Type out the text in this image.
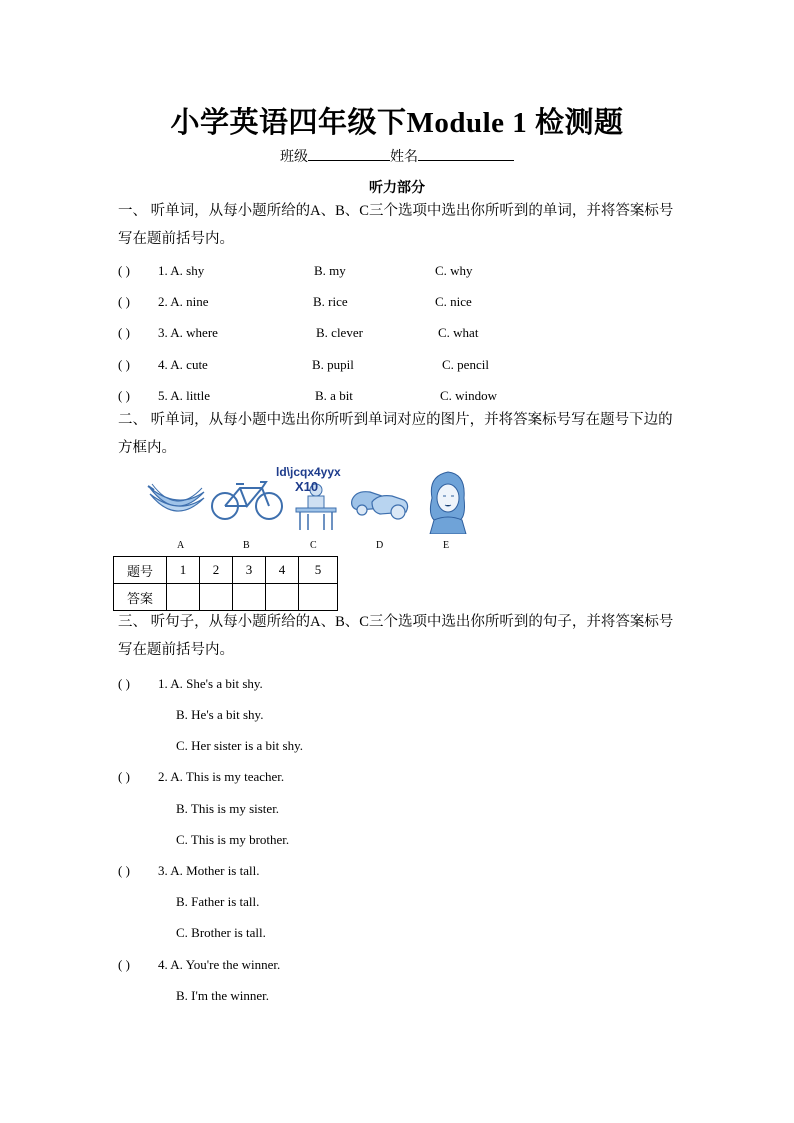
小学英语四年级下Module 1 检测题
班级	姓名
听力部分
一、 听单词，从每小题所给的A、B、C三个选项中选出你所听到的单词，并将答案标号写在题前括号内。
( ) 1. A. shy	B. my	C. why
( ) 2. A. nine	B. rice	C. nice
( ) 3. A. where	B. clever	C. what
( ) 4. A. cute	B. pupil	C. pencil
( ) 5. A. little	B. a bit	C. window
二、 听单词，从每小题中选出你所听到单词对应的图片，并将答案标号写在题号下边的方框内。
ld\jcqx4yyx
X10
A	B	C	D	E
题号	1	2	3	4	5
答案					
三、 听句子，从每小题所给的A、B、C三个选项中选出你所听到的句子，并将答案标号写在题前括号内。
( ) 1. A. She's a bit shy.
B. He's a bit shy.
C. Her sister is a bit shy.
( ) 2. A. This is my teacher.
B. This is my sister.
C. This is my brother.
( ) 3. A. Mother is tall.
B. Father is tall.
C. Brother is tall.
( ) 4. A. You're the winner.
B. I'm the winner.
